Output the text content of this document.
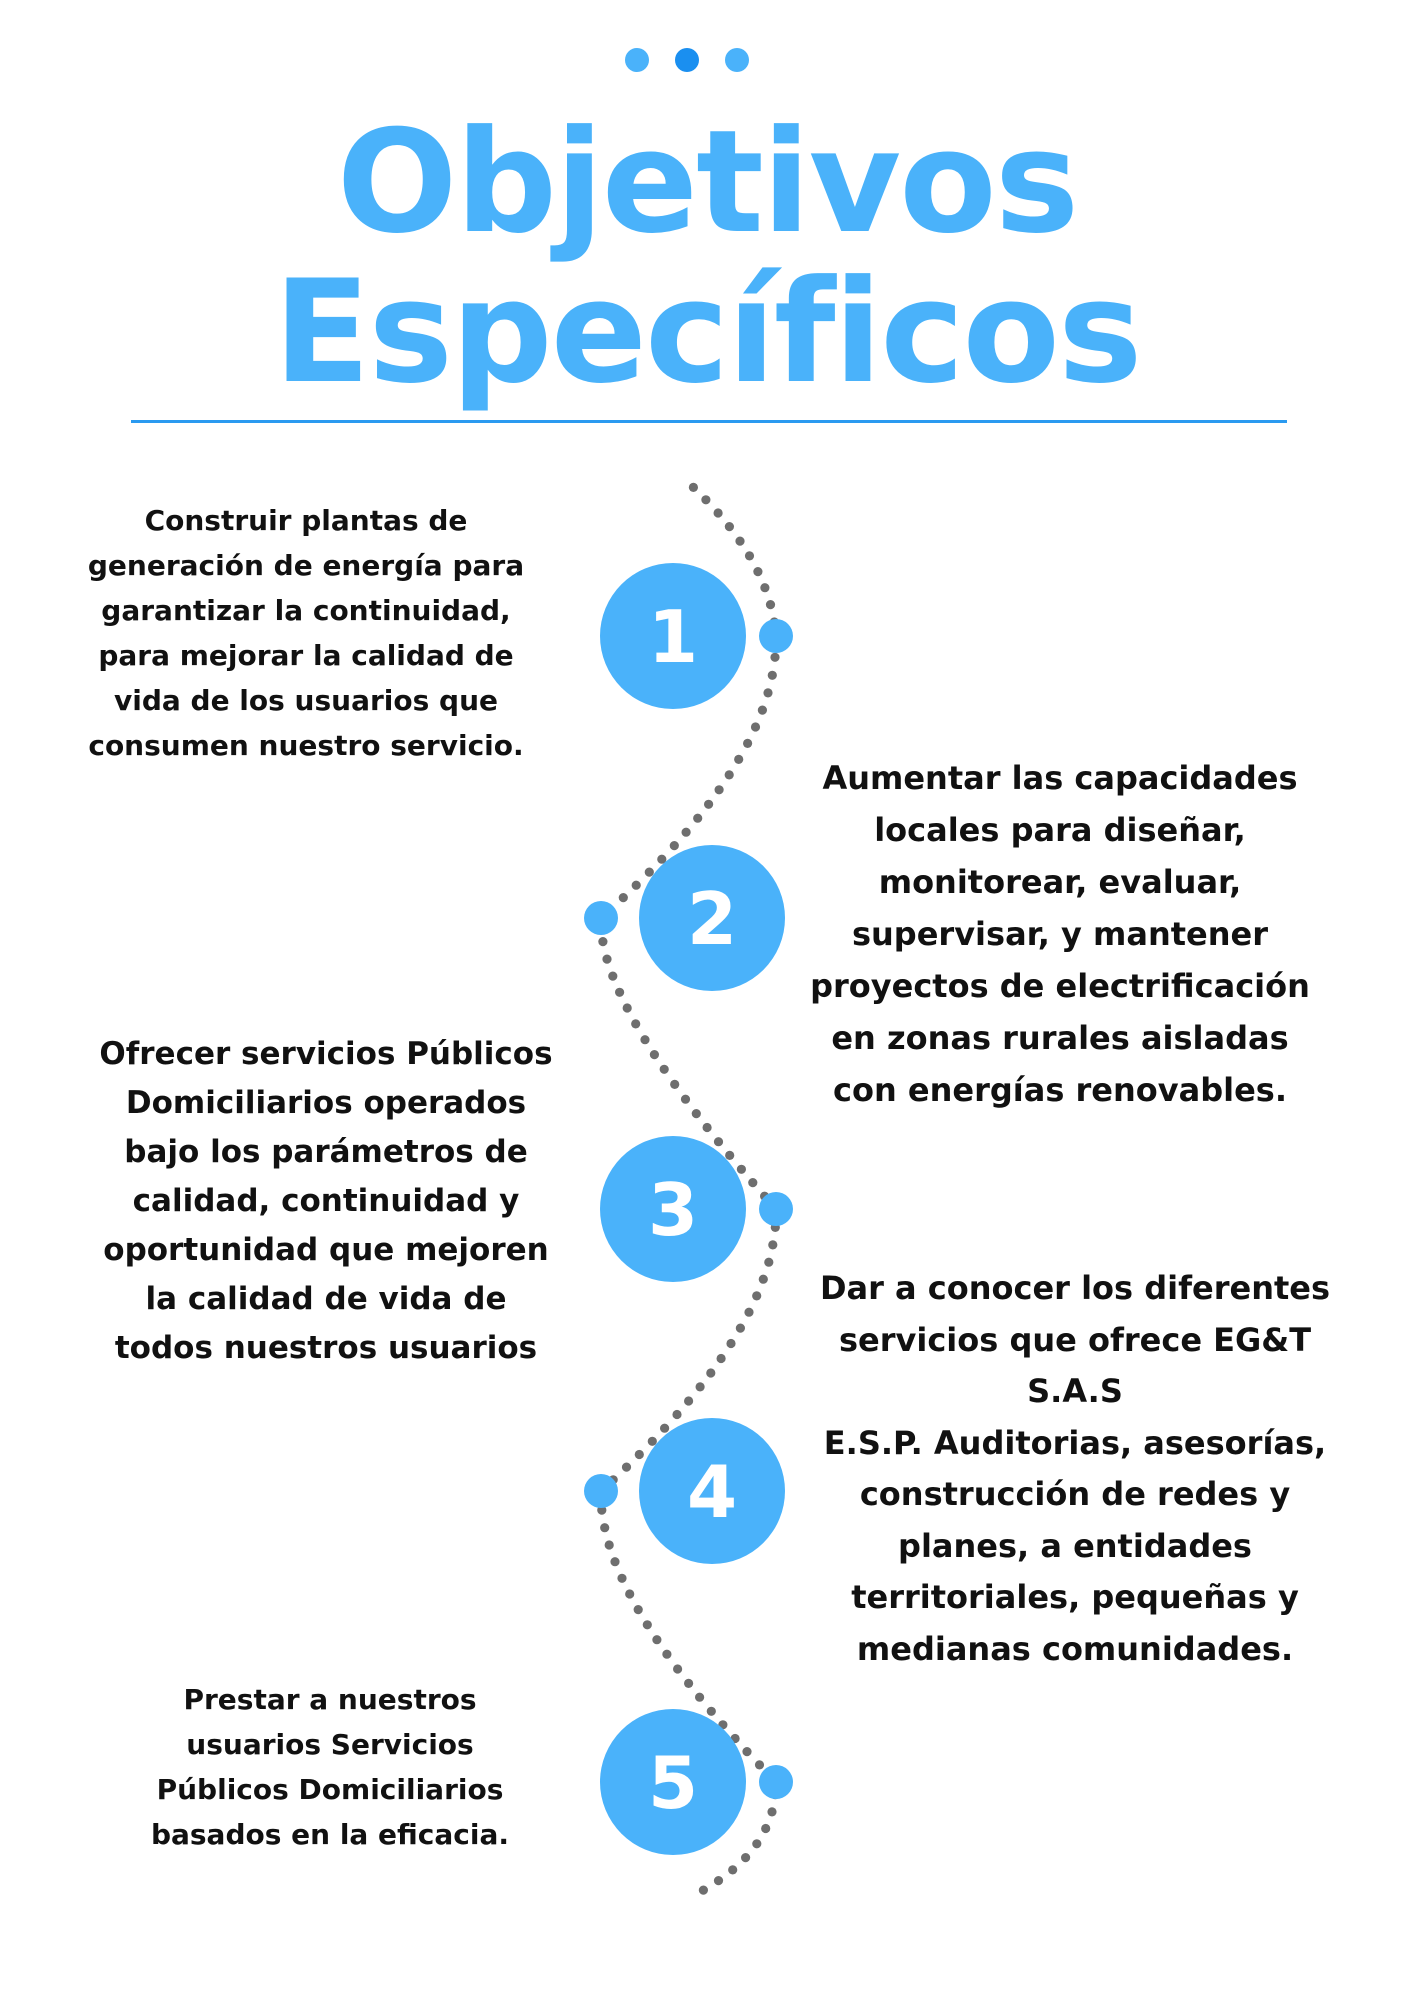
Objetivos
Específicos
1
2
3
4
5

Construir plantas de
generación de energía para
garantizar la continuidad,
para mejorar la calidad de
vida de los usuarios que
consumen nuestro servicio.

Aumentar las capacidades
locales para diseñar,
monitorear, evaluar,
supervisar, y mantener
proyectos de electrificación
en zonas rurales aisladas
con energías renovables.

Ofrecer servicios Públicos
Domiciliarios operados
bajo los parámetros de
calidad, continuidad y
oportunidad que mejoren
la calidad de vida de
todos nuestros usuarios

Dar a conocer los diferentes
servicios que ofrece EG&T
S.A.S
E.S.P. Auditorias, asesorías,
construcción de redes y
planes, a entidades
territoriales, pequeñas y
medianas comunidades.

Prestar a nuestros
usuarios Servicios
Públicos Domiciliarios
basados en la eficacia.
